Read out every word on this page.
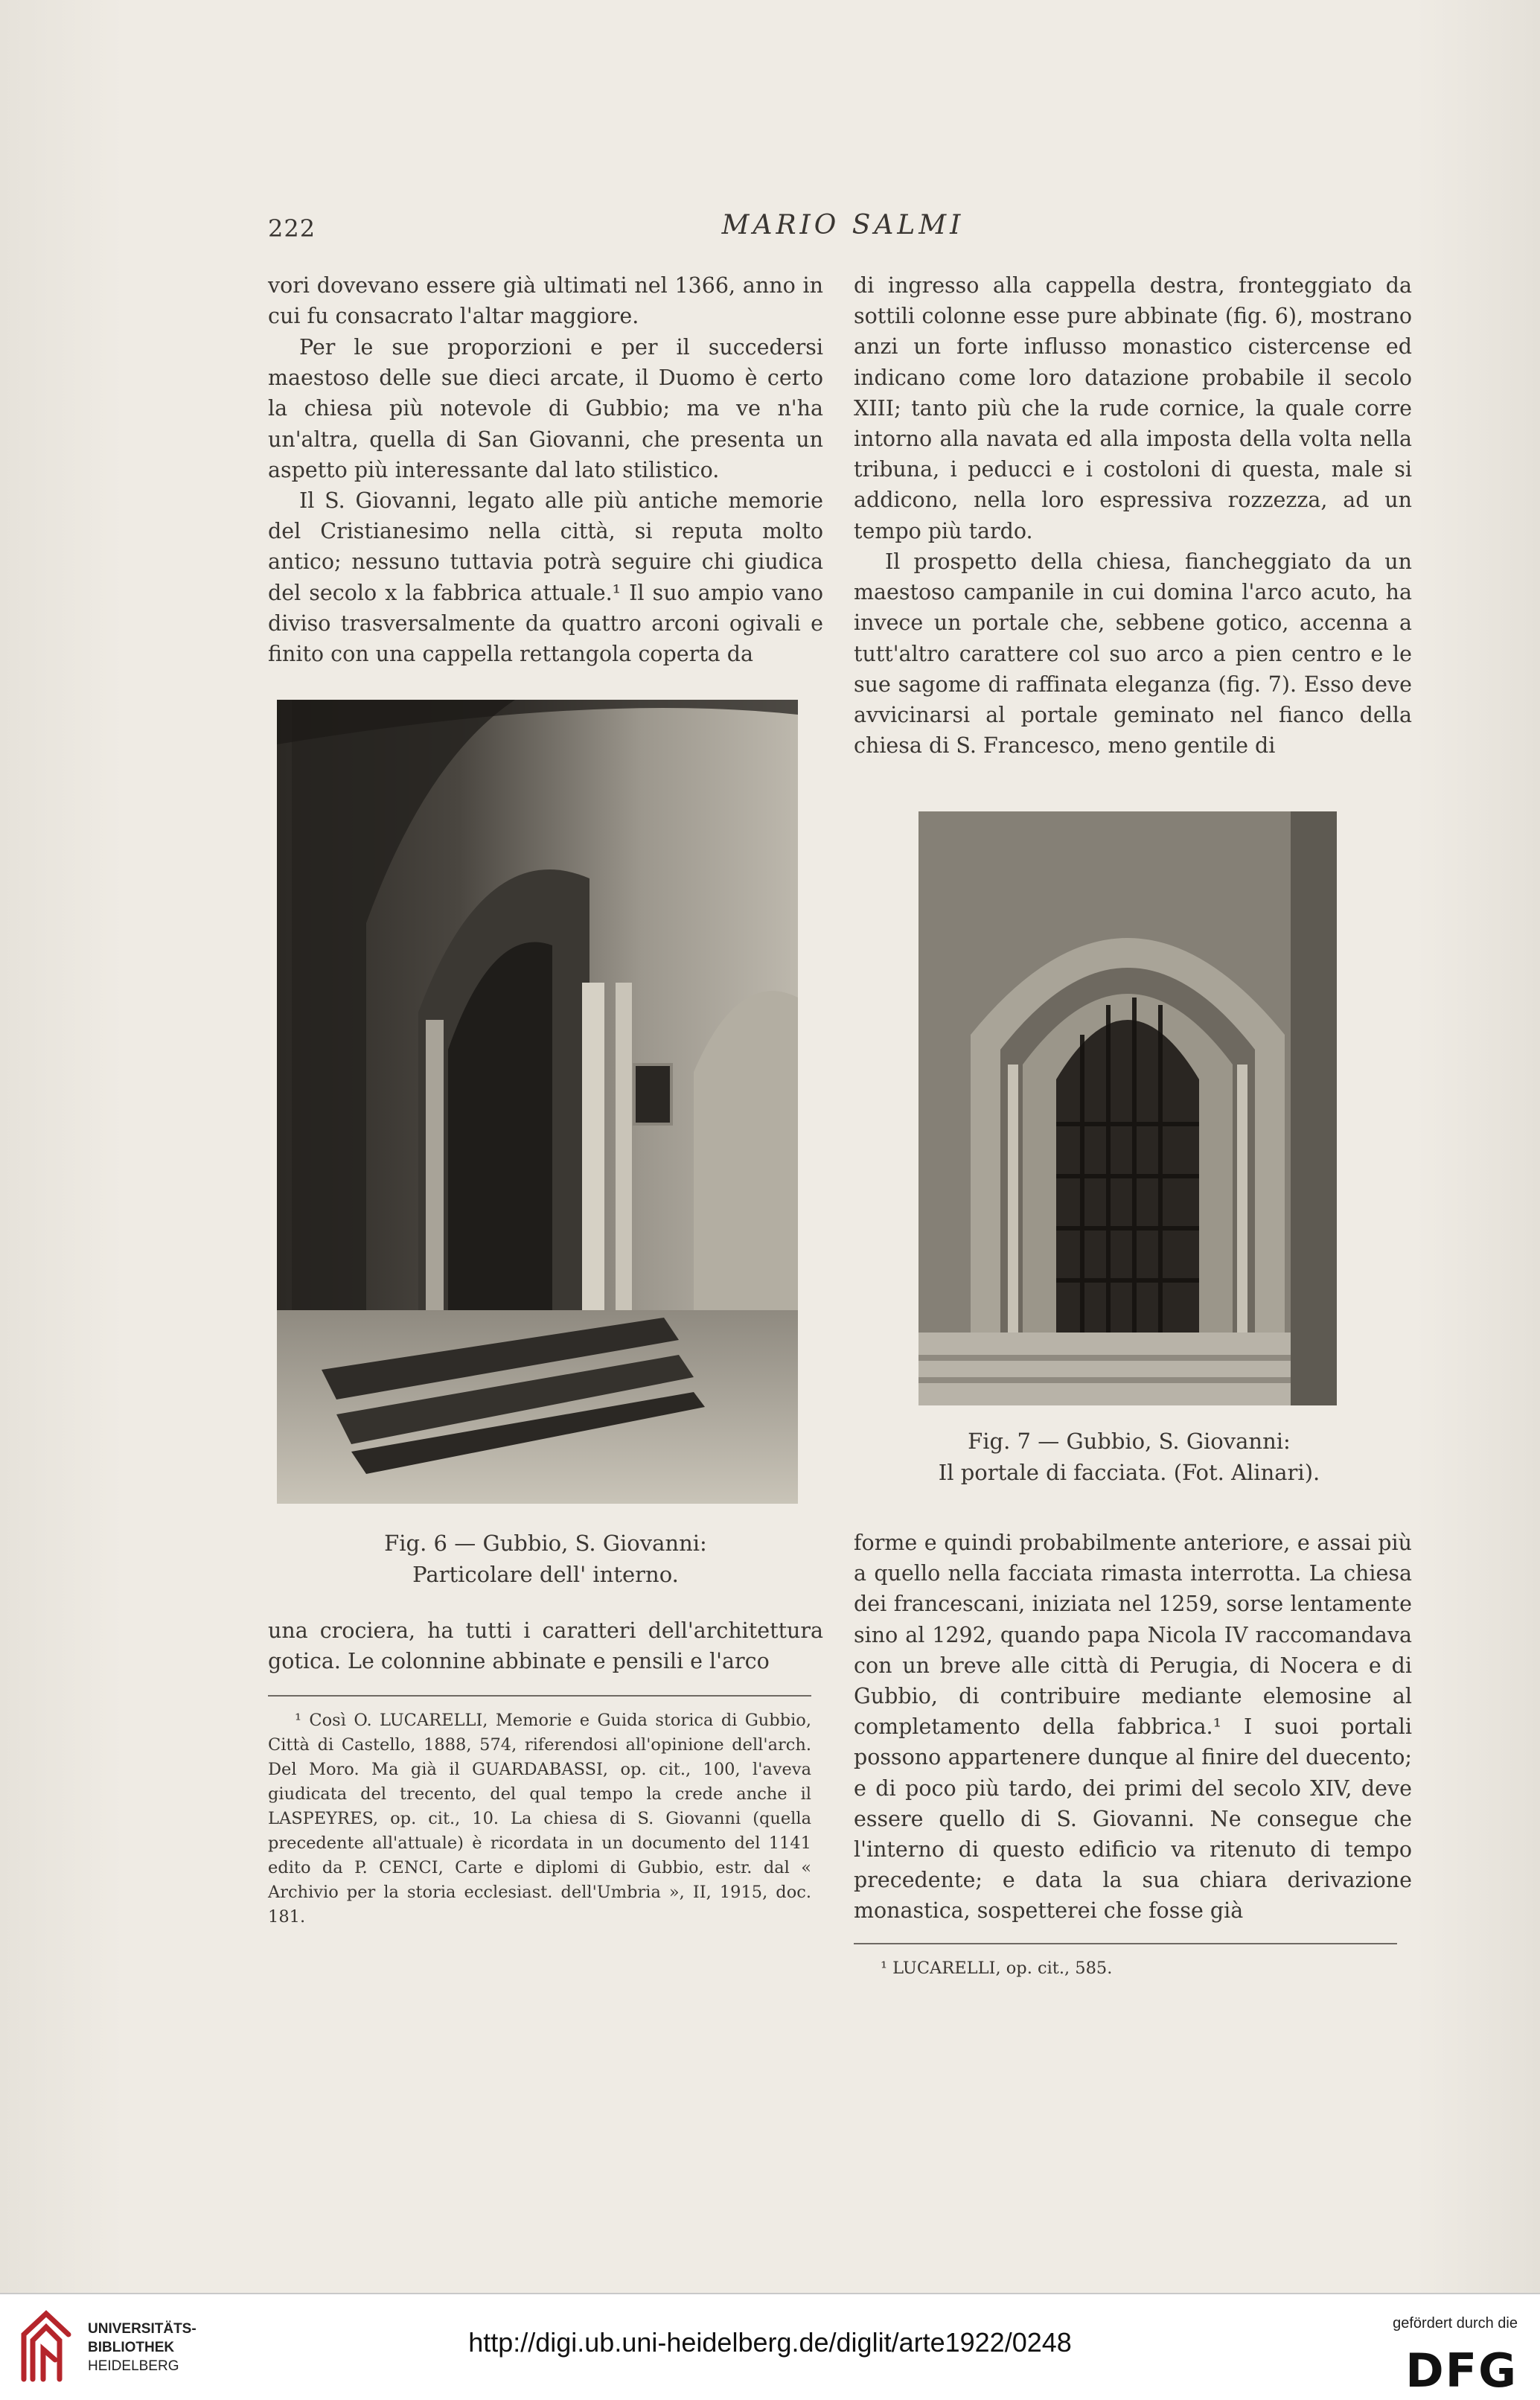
222	MARIO SALMI

vori dovevano essere già ultimati nel 1366, anno in cui fu consacrato l'altar maggiore.

Per le sue proporzioni e per il succedersi maestoso delle sue dieci arcate, il Duomo è certo la chiesa più notevole di Gubbio; ma ve n'ha un'altra, quella di San Giovanni, che presenta un aspetto più interessante dal lato stilistico.

Il S. Giovanni, legato alle più antiche memorie del Cristianesimo nella città, si reputa molto antico; nessuno tuttavia potrà seguire chi giudica del secolo x la fabbrica attuale.¹ Il suo ampio vano diviso trasversalmente da quattro arconi ogivali e finito con una cappella rettangola coperta da

Fig. 6 — Gubbio, S. Giovanni:
Particolare dell' interno.

una crociera, ha tutti i caratteri dell'architettura gotica. Le colonnine abbinate e pensili e l'arco

¹ Così O. LUCARELLI, Memorie e Guida storica di Gubbio, Città di Castello, 1888, 574, riferendosi all'opinione dell'arch. Del Moro. Ma già il GUARDABASSI, op. cit., 100, l'aveva giudicata del trecento, del qual tempo la crede anche il LASPEYRES, op. cit., 10. La chiesa di S. Giovanni (quella precedente all'attuale) è ricordata in un documento del 1141 edito da P. CENCI, Carte e diplomi di Gubbio, estr. dal « Archivio per la storia ecclesiast. dell'Umbria », II, 1915, doc. 181.

di ingresso alla cappella destra, fronteggiato da sottili colonne esse pure abbinate (fig. 6), mostrano anzi un forte influsso monastico cistercense ed indicano come loro datazione probabile il secolo XIII; tanto più che la rude cornice, la quale corre intorno alla navata ed alla imposta della volta nella tribuna, i peducci e i costoloni di questa, male si addicono, nella loro espressiva rozzezza, ad un tempo più tardo.

Il prospetto della chiesa, fiancheggiato da un maestoso campanile in cui domina l'arco acuto, ha invece un portale che, sebbene gotico, accenna a tutt'altro carattere col suo arco a pien centro e le sue sagome di raffinata eleganza (fig. 7). Esso deve avvicinarsi al portale geminato nel fianco della chiesa di S. Francesco, meno gentile di

Fig. 7 — Gubbio, S. Giovanni:
Il portale di facciata. (Fot. Alinari).

forme e quindi probabilmente anteriore, e assai più a quello nella facciata rimasta interrotta. La chiesa dei francescani, iniziata nel 1259, sorse lentamente sino al 1292, quando papa Nicola IV raccomandava con un breve alle città di Perugia, di Nocera e di Gubbio, di contribuire mediante elemosine al completamento della fabbrica.¹ I suoi portali possono appartenere dunque al finire del duecento; e di poco più tardo, dei primi del secolo XIV, deve essere quello di S. Giovanni. Ne consegue che l'interno di questo edificio va ritenuto di tempo precedente; e data la sua chiara derivazione monastica, sospetterei che fosse già

¹ LUCARELLI, op. cit., 585.

UNIVERSITÄTS-
BIBLIOTHEK
HEIDELBERG
http://digi.ub.uni-heidelberg.de/diglit/arte1922/0248
gefördert durch die
DFG
